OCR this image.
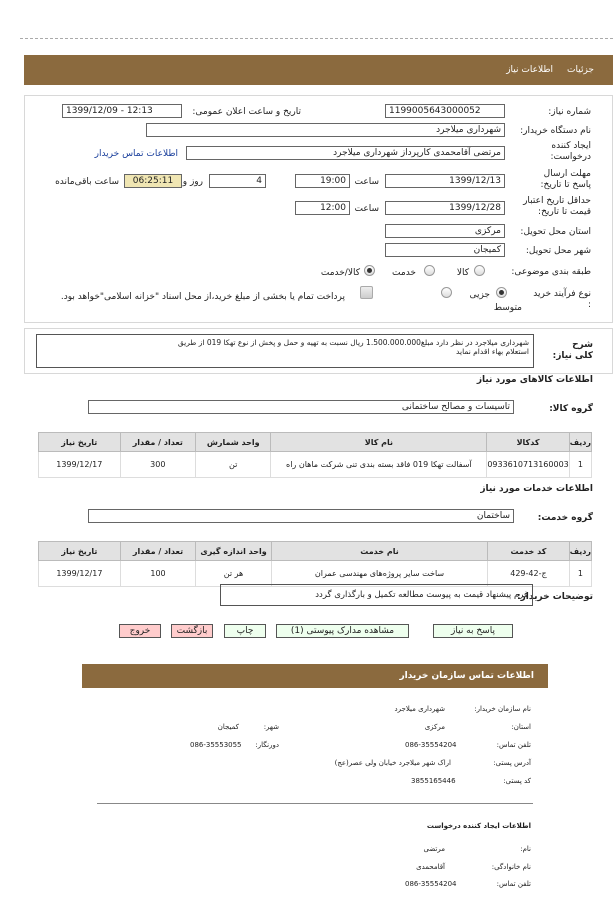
جزئیات
اطلاعات نیاز
شماره نیاز:
1199005643000052
تاریخ و ساعت اعلان عمومی:
1399/12/09 - 12:13
نام دستگاه خریدار:
شهرداری میلاجرد
ایجاد کننده درخواست:
مرتضی آقامحمدی کارپرداز شهرداری میلاجرد
اطلاعات تماس خریدار
مهلت ارسال پاسخ تا تاریخ:
1399/12/13
ساعت
19:00
4
روز و
06:25:11
ساعت باقی‌مانده
حداقل تاریخ اعتبار قیمت تا تاریخ:
1399/12/28
ساعت
12:00
استان محل تحویل:
مرکزی
شهر محل تحویل:
کمیجان
طبقه بندی موضوعی:
کالا
خدمت
کالا/خدمت
نوع فرآیند خرید :
جزیی
متوسط
پرداخت تمام یا بخشی از مبلغ خرید،از محل اسناد "خزانه اسلامی"خواهد بود.
شرح کلی نیاز:
شهرداری میلاجرد در نظر دارد مبلغ1.500.000.000 ریال نسبت به تهیه و حمل و پخش از نوع تهکا 019 از طریق
استعلام بهاء اقدام نماید
اطلاعات کالاهای مورد نیاز
گروه کالا:
تاسیسات و مصالح ساختمانی
ردیف	کدکالا	نام کالا	واحد شمارش	تعداد / مقدار	تاریخ نیاز
1	0933610713160003	آسفالت تهکا 019 فاقد بسته بندی تنی شرکت ماهان راه	تن	300	1399/12/17
اطلاعات خدمات مورد نیاز
گروه خدمت:
ساختمان
ردیف	کد خدمت	نام خدمت	واحد اندازه گیری	تعداد / مقدار	تاریخ نیاز
1	ج-42-429	ساخت سایر پروژه‌های مهندسی عمران	هر تن	100	1399/12/17
توضیحات خریدار:
فرم پیشنهاد قیمت به پیوست مطالعه تکمیل و بارگذاری گردد
پاسخ به نیاز
مشاهده مدارک پیوستی (1)
چاپ
بازگشت
خروج
اطلاعات تماس سازمان خریدار
نام سازمان خریدار:
شهرداری میلاجرد
استان:
مرکزی
شهر:
کمیجان
تلفن تماس:
086-35554204
دورنگار:
086-35553055
آدرس پستی:
اراک شهر میلاجرد خیابان ولی عصر(عج)
کد پستی:
3855165446
اطلاعات ایجاد کننده درخواست
نام:
مرتضی
نام خانوادگی:
آقامحمدی
تلفن تماس:
086-35554204
